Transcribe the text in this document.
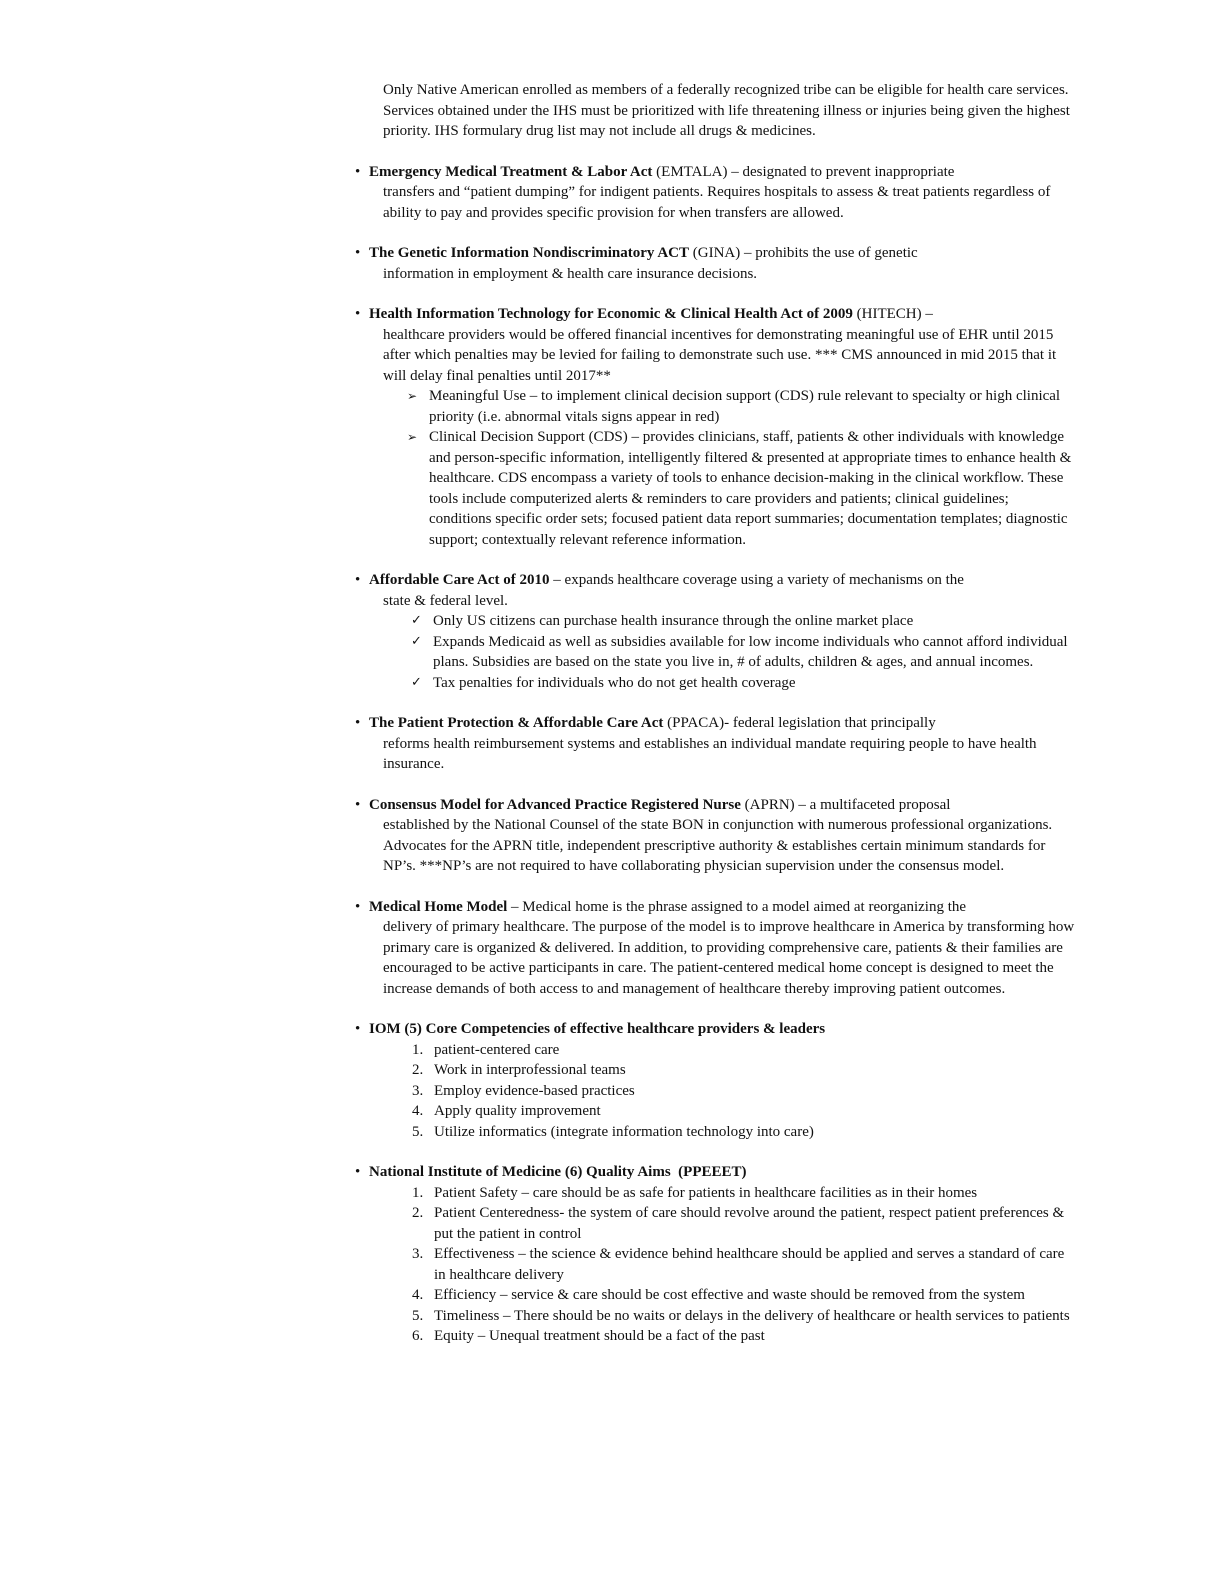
Only Native American enrolled as members of a federally recognized tribe can be eligible for health care services. Services obtained under the IHS must be prioritized with life threatening illness or injuries being given the highest priority. IHS formulary drug list may not include all drugs & medicines.

• Emergency Medical Treatment & Labor Act (EMTALA) – designated to prevent inappropriate
transfers and “patient dumping” for indigent patients. Requires hospitals to assess & treat patients regardless of ability to pay and provides specific provision for when transfers are allowed.
• The Genetic Information Nondiscriminatory ACT (GINA) – prohibits the use of genetic
information in employment & health care insurance decisions.
• Health Information Technology for Economic & Clinical Health Act of 2009 (HITECH) –
healthcare providers would be offered financial incentives for demonstrating meaningful use of EHR until 2015 after which penalties may be levied for failing to demonstrate such use. *** CMS announced in mid 2015 that it will delay final penalties until 2017**
➢ Meaningful Use – to implement clinical decision support (CDS) rule relevant to specialty or high clinical priority (i.e. abnormal vitals signs appear in red)
➢ Clinical Decision Support (CDS) – provides clinicians, staff, patients & other individuals with knowledge and person-specific information, intelligently filtered & presented at appropriate times to enhance health & healthcare. CDS encompass a variety of tools to enhance decision-making in the clinical workflow. These tools include computerized alerts & reminders to care providers and patients; clinical guidelines; conditions specific order sets; focused patient data report summaries; documentation templates; diagnostic support; contextually relevant reference information.
• Affordable Care Act of 2010 – expands healthcare coverage using a variety of mechanisms on the
state & federal level.
✓ Only US citizens can purchase health insurance through the online market place
✓ Expands Medicaid as well as subsidies available for low income individuals who cannot afford individual plans. Subsidies are based on the state you live in, # of adults, children & ages, and annual incomes.
✓ Tax penalties for individuals who do not get health coverage
• The Patient Protection & Affordable Care Act (PPACA)- federal legislation that principally
reforms health reimbursement systems and establishes an individual mandate requiring people to have health insurance.
• Consensus Model for Advanced Practice Registered Nurse (APRN) – a multifaceted proposal
established by the National Counsel of the state BON in conjunction with numerous professional organizations. Advocates for the APRN title, independent prescriptive authority & establishes certain minimum standards for NP’s. ***NP’s are not required to have collaborating physician supervision under the consensus model.
• Medical Home Model – Medical home is the phrase assigned to a model aimed at reorganizing the
delivery of primary healthcare. The purpose of the model is to improve healthcare in America by transforming how primary care is organized & delivered. In addition, to providing comprehensive care, patients & their families are encouraged to be active participants in care. The patient-centered medical home concept is designed to meet the increase demands of both access to and management of healthcare thereby improving patient outcomes.
• IOM (5) Core Competencies of effective healthcare providers & leaders
1. patient-centered care
2. Work in interprofessional teams
3. Employ evidence-based practices
4. Apply quality improvement
5. Utilize informatics (integrate information technology into care)
• National Institute of Medicine (6) Quality Aims  (PPEEET)
1. Patient Safety – care should be as safe for patients in healthcare facilities as in their homes
2. Patient Centeredness- the system of care should revolve around the patient, respect patient preferences & put the patient in control
3. Effectiveness – the science & evidence behind healthcare should be applied and serves a standard of care in healthcare delivery
4. Efficiency – service & care should be cost effective and waste should be removed from the system
5. Timeliness – There should be no waits or delays in the delivery of healthcare or health services to patients
6. Equity – Unequal treatment should be a fact of the past
